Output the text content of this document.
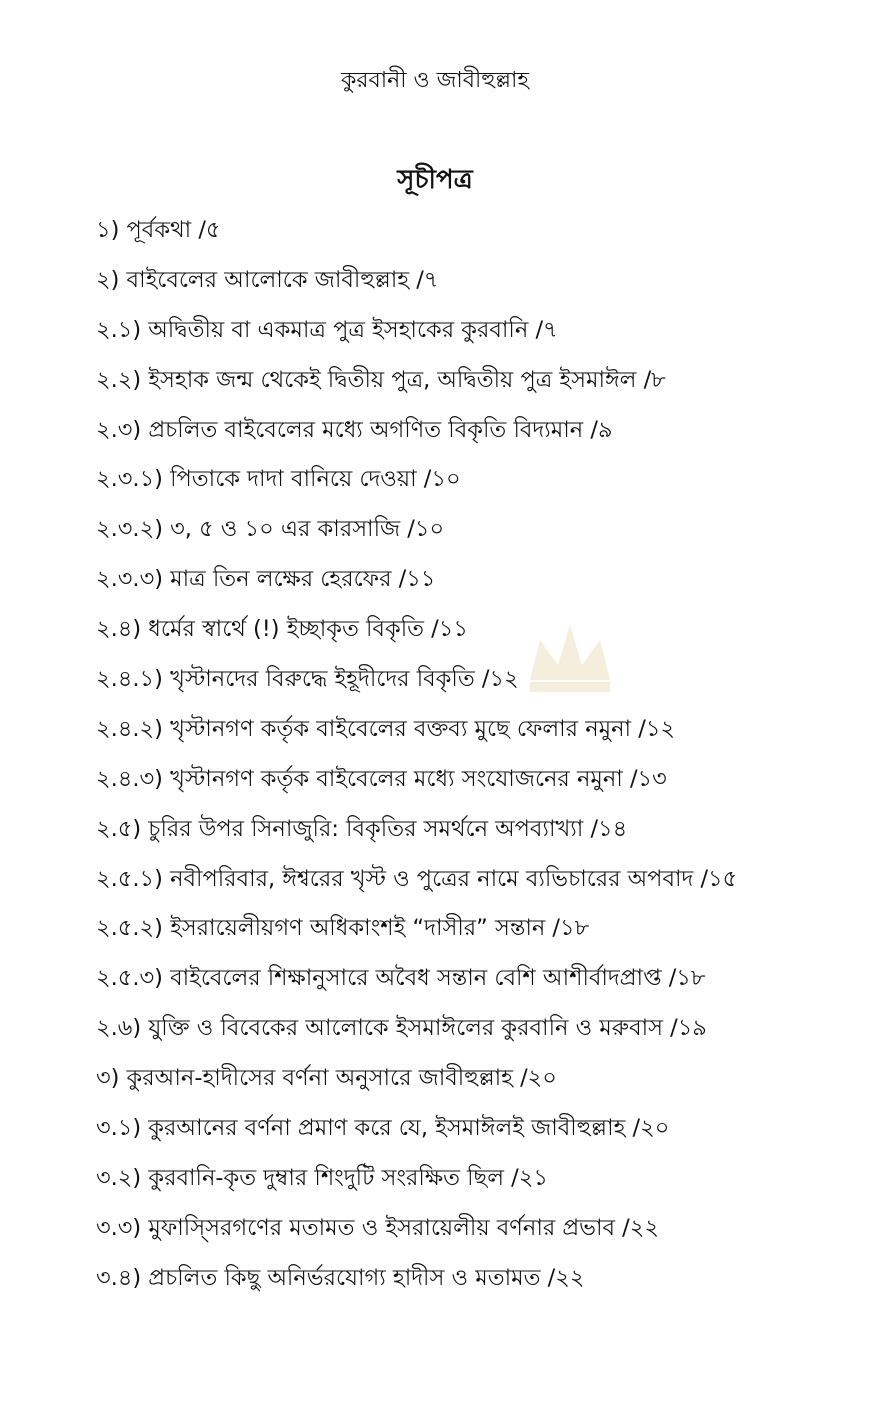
কুরবানী ও জাবীহুল্লাহ
সূচীপত্র
১) পূর্বকথা /৫
২) বাইবেলের আলোকে জাবীহুল্লাহ /৭
২.১) অদ্বিতীয় বা একমাত্র পুত্র ইসহাকের কুরবানি /৭
২.২) ইসহাক জন্ম থেকেই দ্বিতীয় পুত্র, অদ্বিতীয় পুত্র ইসমাঈল /৮
২.৩) প্রচলিত বাইবেলের মধ্যে অগণিত বিকৃতি বিদ্যমান /৯
২.৩.১) পিতাকে দাদা বানিয়ে দেওয়া /১০
২.৩.২) ৩, ৫ ও ১০ এর কারসাজি /১০
২.৩.৩) মাত্র তিন লক্ষের হেরফের /১১
২.৪) ধর্মের স্বার্থে (!) ইচ্ছাকৃত বিকৃতি /১১
২.৪.১) খৃস্টানদের বিরুদ্ধে ইহূদীদের বিকৃতি /১২
২.৪.২) খৃস্টানগণ কর্তৃক বাইবেলের বক্তব্য মুছে ফেলার নমুনা /১২
২.৪.৩) খৃস্টানগণ কর্তৃক বাইবেলের মধ্যে সংযোজনের নমুনা /১৩
২.৫) চুরির উপর সিনাজুরি: বিকৃতির সমর্থনে অপব্যাখ্যা /১৪
২.৫.১) নবীপরিবার, ঈশ্বরের খৃস্ট ও পুত্রের নামে ব্যভিচারের অপবাদ /১৫
২.৫.২) ইসরায়েলীয়গণ অধিকাংশই “দাসীর” সন্তান /১৮
২.৫.৩) বাইবেলের শিক্ষানুসারে অবৈধ সন্তান বেশি আশীর্বাদপ্রাপ্ত /১৮
২.৬) যুক্তি ও বিবেকের আলোকে ইসমাঈলের কুরবানি ও মরুবাস /১৯
৩) কুরআন-হাদীসের বর্ণনা অনুসারে জাবীহুল্লাহ /২০
৩.১) কুরআনের বর্ণনা প্রমাণ করে যে, ইসমাঈলই জাবীহুল্লাহ /২০
৩.২) কুরবানি-কৃত দুম্বার শিংদুটি সংরক্ষিত ছিল /২১
৩.৩) মুফাস্সিরগণের মতামত ও ইসরায়েলীয় বর্ণনার প্রভাব /২২
৩.৪) প্রচলিত কিছু অনির্ভরযোগ্য হাদীস ও মতামত /২২
